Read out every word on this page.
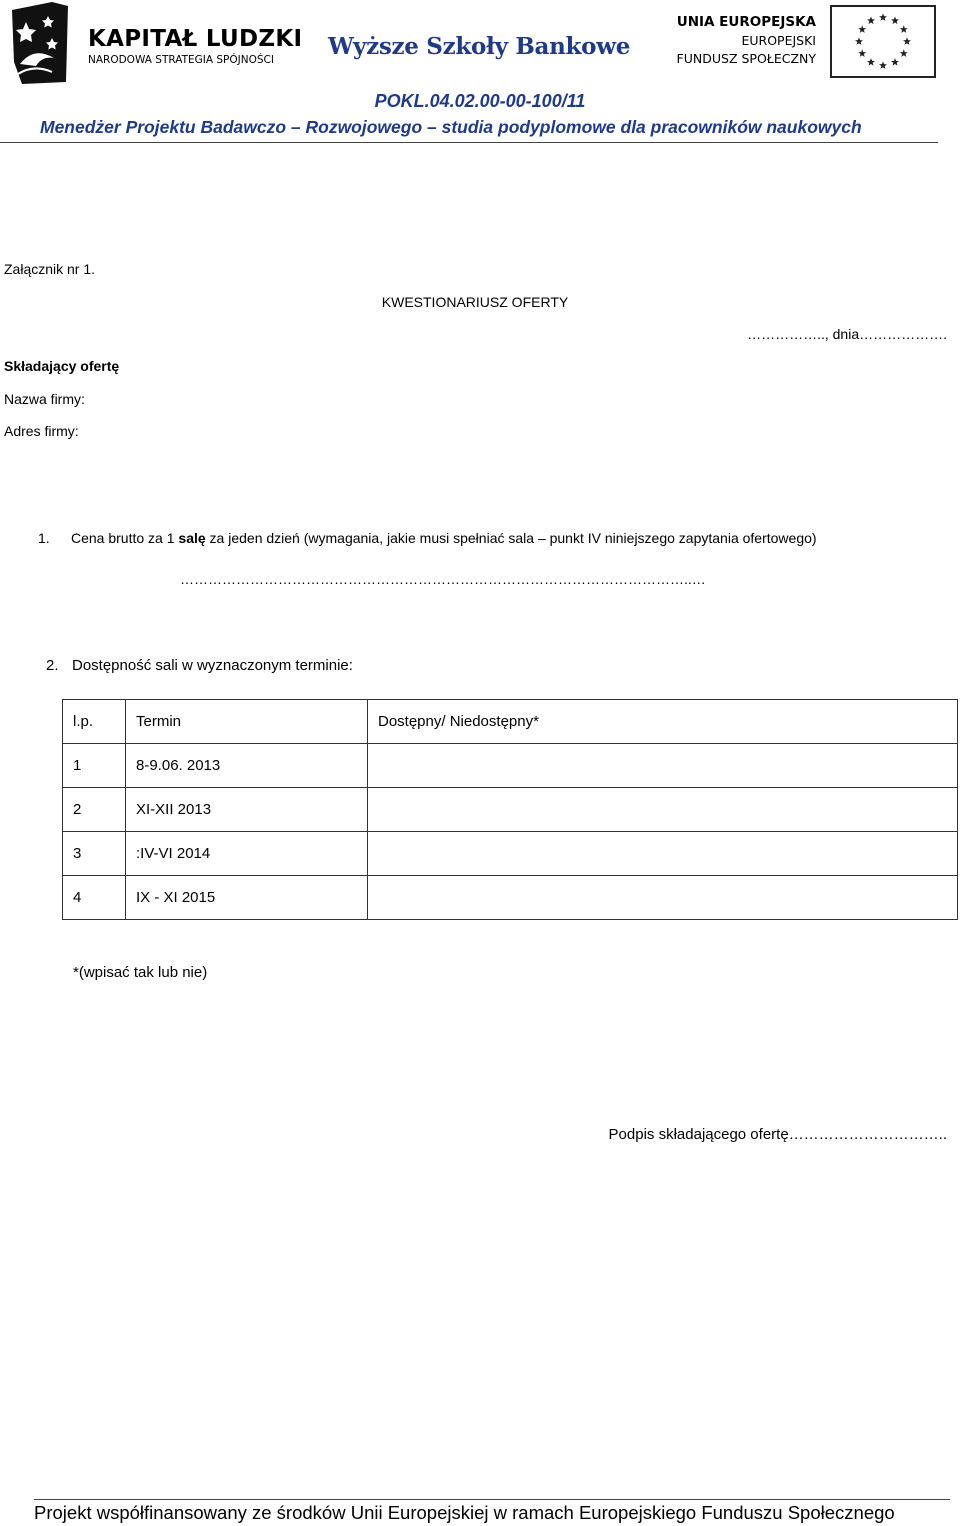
KAPITAŁ LUDZKI
NARODOWA STRATEGIA SPÓJNOŚCI Wyższe Szkoły Bankowe
UNIA EUROPEJSKA
EUROPEJSKI
FUNDUSZ SPOŁECZNY
POKL.04.02.00-00-100/11
Menedżer Projektu Badawczo – Rozwojowego – studia podyplomowe dla pracowników naukowych
Załącznik nr 1.
KWESTIONARIUSZ OFERTY
…………….., dnia……………….
Składający ofertę
Nazwa firmy:
Adres firmy:
1. Cena brutto za 1 salę za jeden dzień (wymagania, jakie musi spełniać sala – punkt IV niniejszego zapytania ofertowego)
………………………………………………………………………………………………..…
2. Dostępność sali w wyznaczonym terminie:
l.p.	Termin	Dostępny/ Niedostępny*
1	8-9.06. 2013	
2	XI-XII 2013	
3	:IV-VI 2014	
4	IX - XI 2015	
*(wpisać tak lub nie)
Podpis składającego ofertę…………………………..
Projekt współfinansowany ze środków Unii Europejskiej w ramach Europejskiego Funduszu Społecznego
